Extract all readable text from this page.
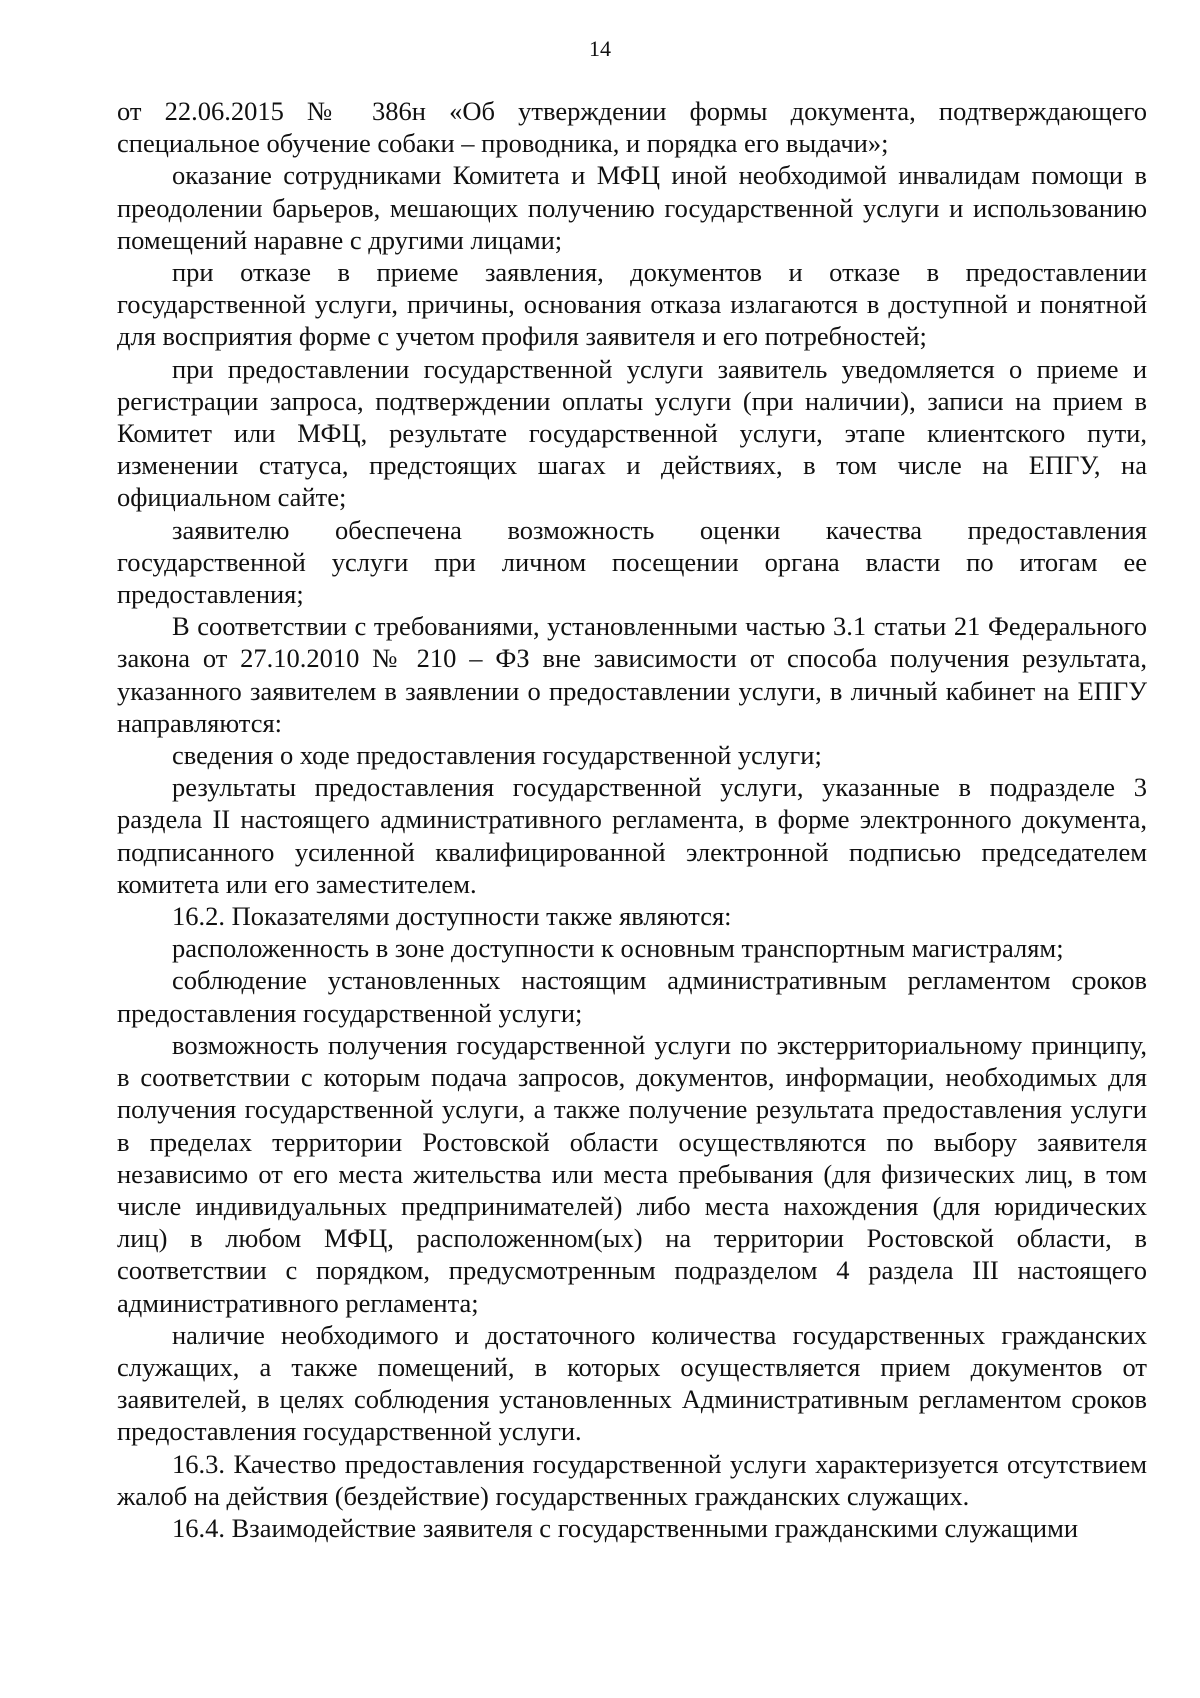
14

от 22.06.2015 № 386н «Об утверждении формы документа, подтверждающего специальное обучение собаки – проводника, и порядка его выдачи»;

оказание сотрудниками Комитета и МФЦ иной необходимой инвалидам помощи в преодолении барьеров, мешающих получению государственной услуги и использованию помещений наравне с другими лицами;

при отказе в приеме заявления, документов и отказе в предоставлении государственной услуги, причины, основания отказа излагаются в доступной и понятной для восприятия форме с учетом профиля заявителя и его потребностей;

при предоставлении государственной услуги заявитель уведомляется о приеме и регистрации запроса, подтверждении оплаты услуги (при наличии), записи на прием в Комитет или МФЦ, результате государственной услуги, этапе клиентского пути, изменении статуса, предстоящих шагах и действиях, в том числе на ЕПГУ, на официальном сайте;

заявителю обеспечена возможность оценки качества предоставления государственной услуги при личном посещении органа власти по итогам ее предоставления;

В соответствии с требованиями, установленными частью 3.1 статьи 21 Федерального закона от 27.10.2010 № 210 – ФЗ вне зависимости от способа получения результата, указанного заявителем в заявлении о предоставлении услуги, в личный кабинет на ЕПГУ направляются:

сведения о ходе предоставления государственной услуги;

результаты предоставления государственной услуги, указанные в подразделе 3 раздела II настоящего административного регламента, в форме электронного документа, подписанного усиленной квалифицированной электронной подписью председателем комитета или его заместителем.

16.2. Показателями доступности также являются:

расположенность в зоне доступности к основным транспортным магистралям;

соблюдение установленных настоящим административным регламентом сроков предоставления государственной услуги;

возможность получения государственной услуги по экстерриториальному принципу, в соответствии с которым подача запросов, документов, информации, необходимых для получения государственной услуги, а также получение результата предоставления услуги в пределах территории Ростовской области осуществляются по выбору заявителя независимо от его места жительства или места пребывания (для физических лиц, в том числе индивидуальных предпринимателей) либо места нахождения (для юридических лиц) в любом МФЦ, расположенном(ых) на территории Ростовской области, в соответствии с порядком, предусмотренным подразделом 4 раздела III настоящего административного регламента;

наличие необходимого и достаточного количества государственных гражданских служащих, а также помещений, в которых осуществляется прием документов от заявителей, в целях соблюдения установленных Административным регламентом сроков предоставления государственной услуги.

16.3. Качество предоставления государственной услуги характеризуется отсутствием жалоб на действия (бездействие) государственных гражданских служащих.

16.4. Взаимодействие заявителя с государственными гражданскими служащими
